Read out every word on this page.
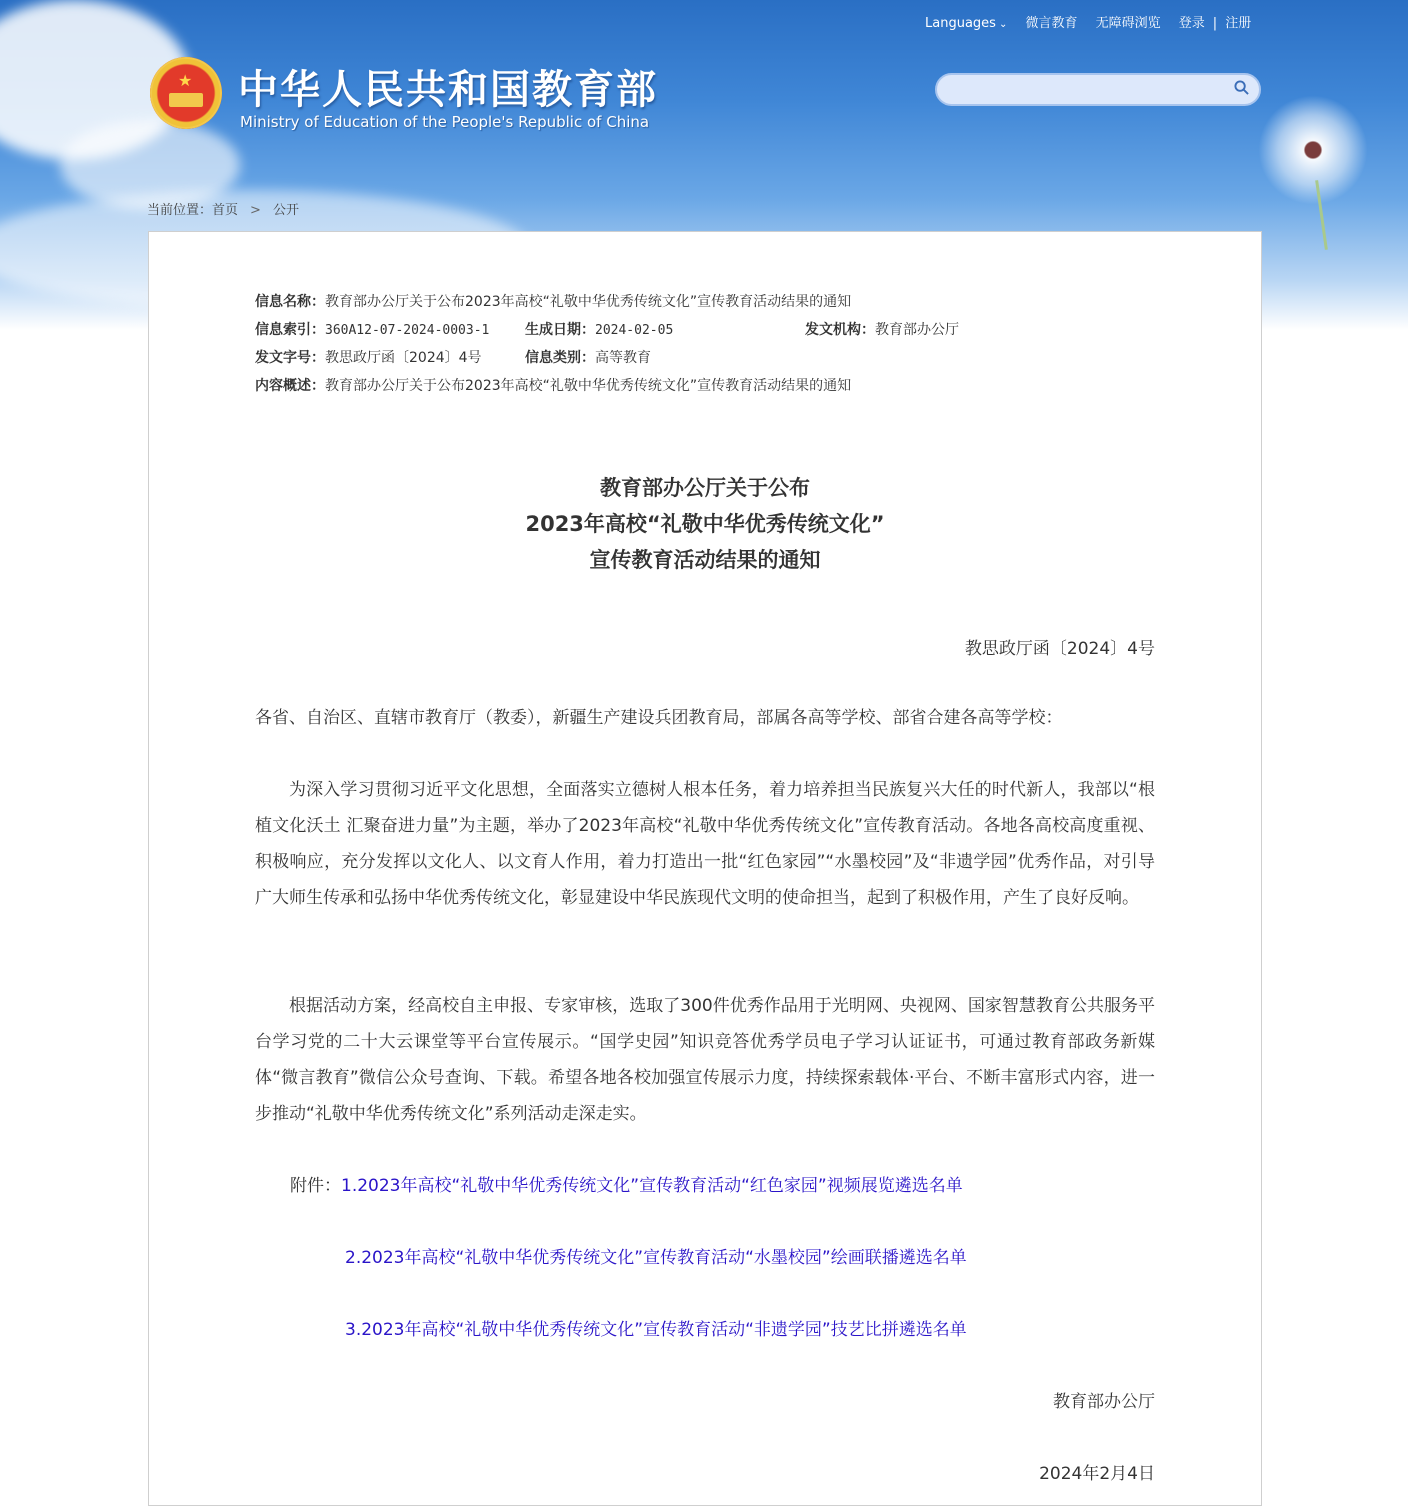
Languages ⌄ 微言教育 无障碍浏览 登录 | 注册
★ 中华人民共和国教育部
Ministry of Education of the People's Republic of China
当前位置：首页 > 公开
信息名称：教育部办公厅关于公布2023年高校“礼敬中华优秀传统文化”宣传教育活动结果的通知
信息索引：360A12-07-2024-0003-1	生成日期：2024-02-05	发文机构：教育部办公厅
发文字号：教思政厅函〔2024〕4号	信息类别：高等教育
内容概述：教育部办公厅关于公布2023年高校“礼敬中华优秀传统文化”宣传教育活动结果的通知
教育部办公厅关于公布
2023年高校“礼敬中华优秀传统文化”
宣传教育活动结果的通知
教思政厅函〔2024〕4号

各省、自治区、直辖市教育厅（教委），新疆生产建设兵团教育局，部属各高等学校、部省合建各高等学校：

为深入学习贯彻习近平文化思想，全面落实立德树人根本任务，着力培养担当民族复兴大任的时代新人，我部以“根植文化沃土 汇聚奋进力量”为主题，举办了2023年高校“礼敬中华优秀传统文化”宣传教育活动。各地各高校高度重视、积极响应，充分发挥以文化人、以文育人作用，着力打造出一批“红色家园”“水墨校园”及“非遗学园”优秀作品，对引导广大师生传承和弘扬中华优秀传统文化，彰显建设中华民族现代文明的使命担当，起到了积极作用，产生了良好反响。

根据活动方案，经高校自主申报、专家审核，选取了300件优秀作品用于光明网、央视网、国家智慧教育公共服务平台学习党的二十大云课堂等平台宣传展示。“国学史园”知识竞答优秀学员电子学习认证证书，可通过教育部政务新媒体“微言教育”微信公众号查询、下载。希望各地各校加强宣传展示力度，持续探索载体·平台、不断丰富形式内容，进一步推动“礼敬中华优秀传统文化”系列活动走深走实。

附件：1.2023年高校“礼敬中华优秀传统文化”宣传教育活动“红色家园”视频展览遴选名单
2.2023年高校“礼敬中华优秀传统文化”宣传教育活动“水墨校园”绘画联播遴选名单
3.2023年高校“礼敬中华优秀传统文化”宣传教育活动“非遗学园”技艺比拼遴选名单
教育部办公厅
2024年2月4日
